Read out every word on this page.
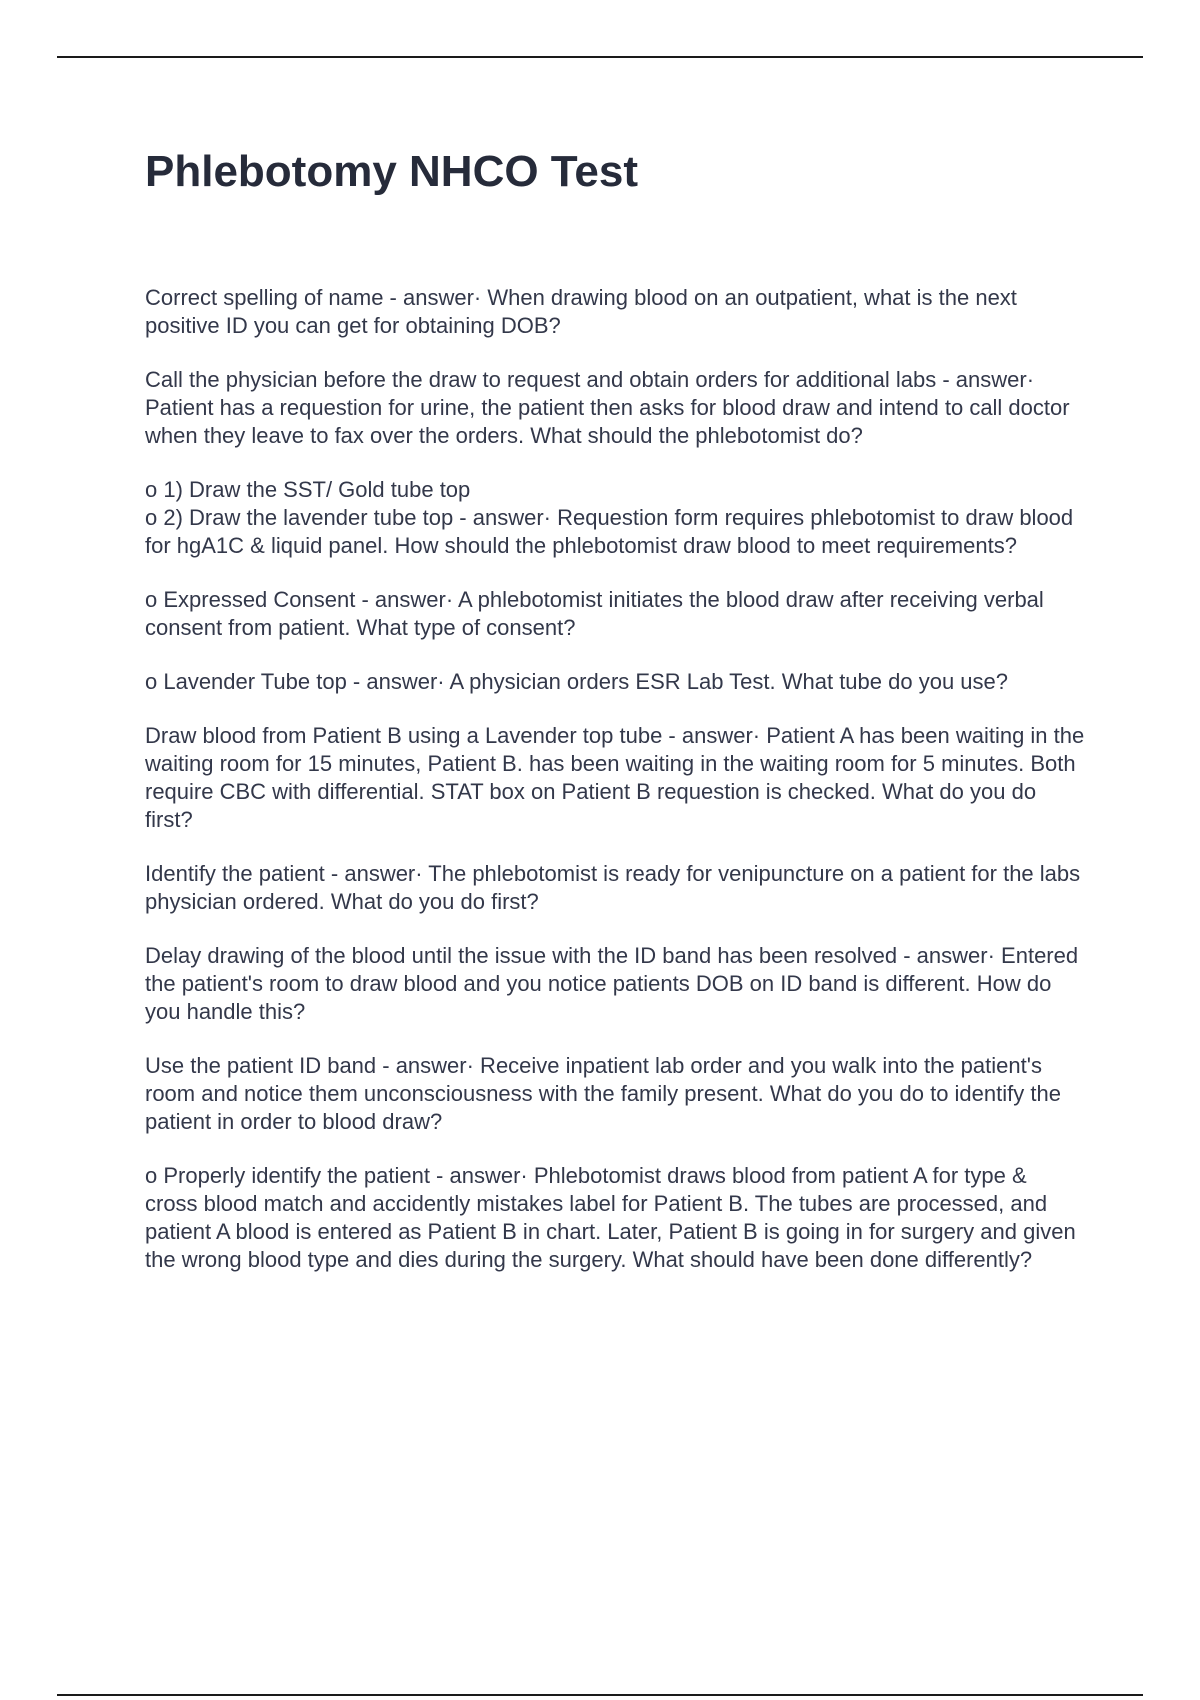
Phlebotomy NHCO Test

Correct spelling of name - answer· When drawing blood on an outpatient, what is the next positive ID you can get for obtaining DOB?

Call the physician before the draw to request and obtain orders for additional labs - answer· Patient has a requestion for urine, the patient then asks for blood draw and intend to call doctor when they leave to fax over the orders. What should the phlebotomist do?

o 1) Draw the SST/ Gold tube top
o 2) Draw the lavender tube top - answer· Requestion form requires phlebotomist to draw blood for hgA1C & liquid panel. How should the phlebotomist draw blood to meet requirements?

o Expressed Consent - answer· A phlebotomist initiates the blood draw after receiving verbal consent from patient. What type of consent?

o Lavender Tube top - answer· A physician orders ESR Lab Test. What tube do you use?

Draw blood from Patient B using a Lavender top tube - answer· Patient A has been waiting in the waiting room for 15 minutes, Patient B. has been waiting in the waiting room for 5 minutes. Both require CBC with differential. STAT box on Patient B requestion is checked. What do you do first?

Identify the patient - answer· The phlebotomist is ready for venipuncture on a patient for the labs physician ordered. What do you do first?

Delay drawing of the blood until the issue with the ID band has been resolved - answer· Entered the patient's room to draw blood and you notice patients DOB on ID band is different. How do you handle this?

Use the patient ID band - answer· Receive inpatient lab order and you walk into the patient's room and notice them unconsciousness with the family present. What do you do to identify the patient in order to blood draw?

o Properly identify the patient - answer· Phlebotomist draws blood from patient A for type & cross blood match and accidently mistakes label for Patient B. The tubes are processed, and patient A blood is entered as Patient B in chart. Later, Patient B is going in for surgery and given the wrong blood type and dies during the surgery. What should have been done differently?
